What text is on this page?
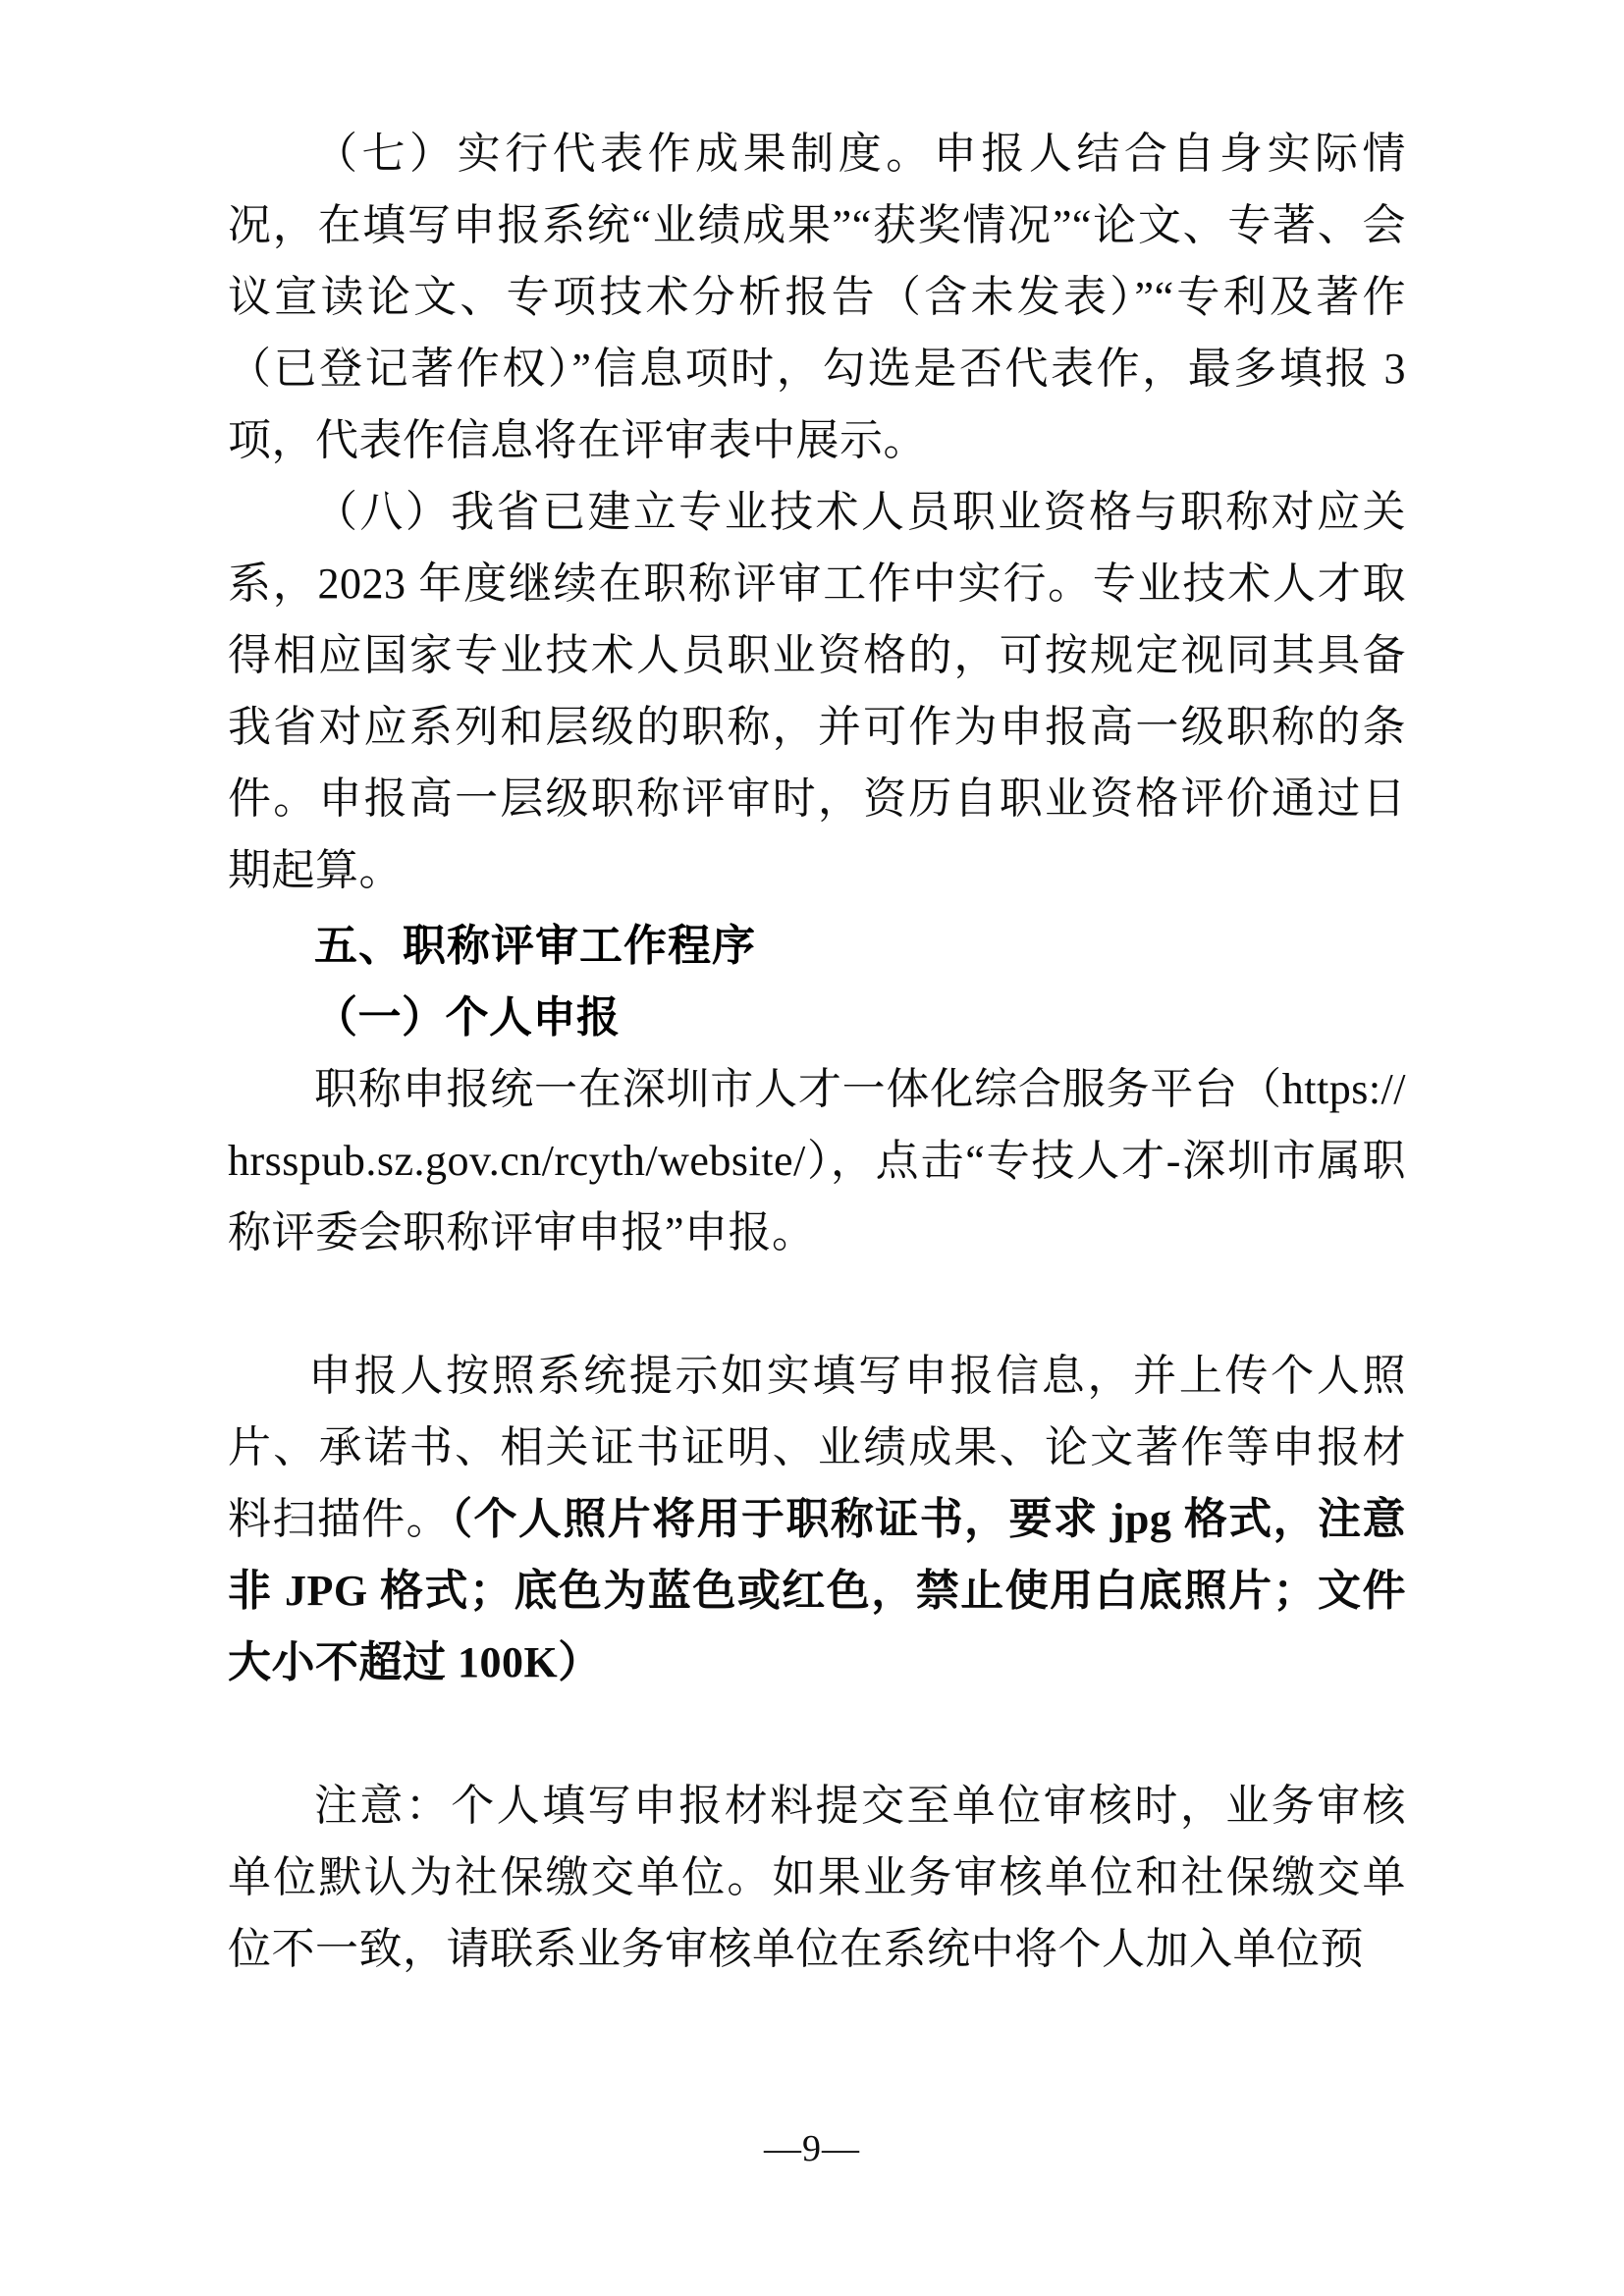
（七）实行代表作成果制度。申报人结合自身实际情况，在填写申报系统“业绩成果”“获奖情况”“论文、专著、会议宣读论文、专项技术分析报告（含未发表）”“专利及著作（已登记著作权）”信息项时，勾选是否代表作，最多填报 3 项，代表作信息将在评审表中展示。

（八）我省已建立专业技术人员职业资格与职称对应关系，2023 年度继续在职称评审工作中实行。专业技术人才取得相应国家专业技术人员职业资格的，可按规定视同其具备我省对应系列和层级的职称，并可作为申报高一级职称的条件。申报高一层级职称评审时，资历自职业资格评价通过日期起算。

五、职称评审工作程序

（一）个人申报

职称申报统一在深圳市人才一体化综合服务平台（https://hrsspub.sz.gov.cn/rcyth/website/），点击“专技人才-深圳市属职称评委会职称评审申报”申报。

申报人按照系统提示如实填写申报信息，并上传个人照片、承诺书、相关证书证明、业绩成果、论文著作等申报材料扫描件。（个人照片将用于职称证书，要求 jpg 格式，注意非 JPG 格式；底色为蓝色或红色，禁止使用白底照片；文件大小不超过 100K）

注意：个人填写申报材料提交至单位审核时，业务审核单位默认为社保缴交单位。如果业务审核单位和社保缴交单位不一致，请联系业务审核单位在系统中将个人加入单位预

—9—
